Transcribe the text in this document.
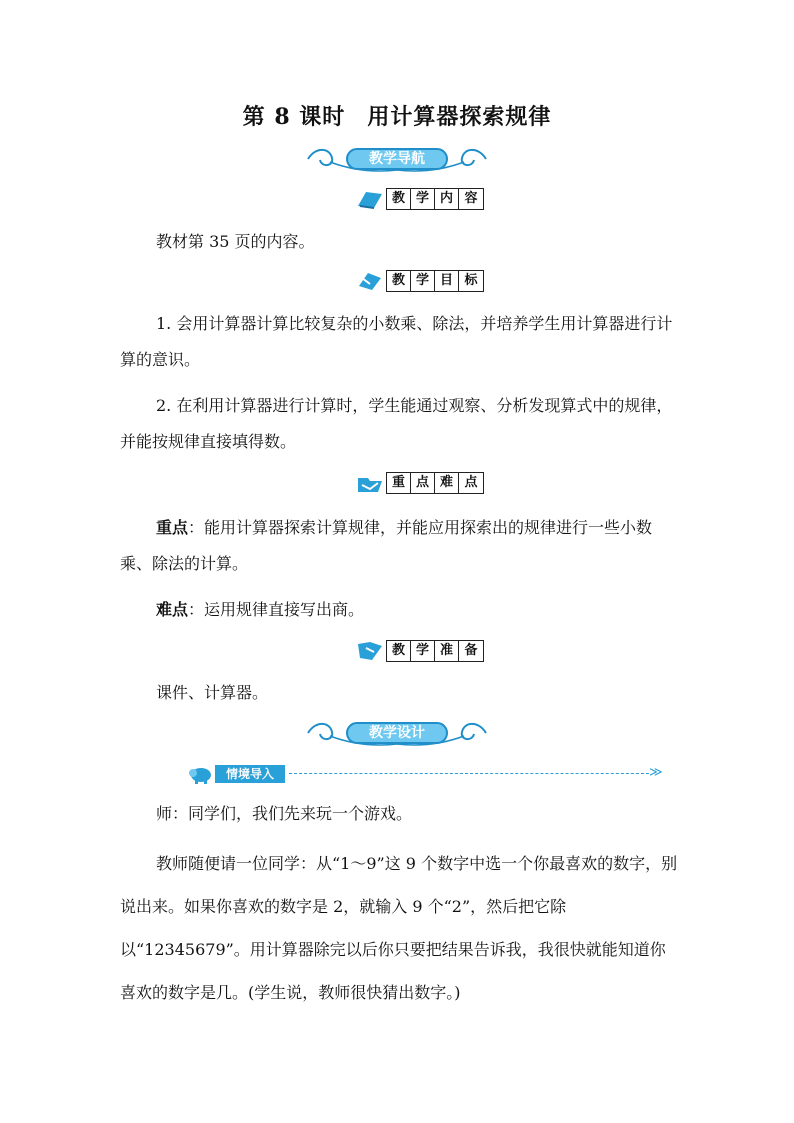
第 8 课时 用计算器探索规律
教学导航
教 学 内 容
教材第 35 页的内容。
教 学 目 标
1. 会用计算器计算比较复杂的小数乘、除法，并培养学生用计算器进行计算的意识。
2. 在利用计算器进行计算时，学生能通过观察、分析发现算式中的规律，并能按规律直接填得数。
重 点 难 点
重点：能用计算器探索计算规律，并能应用探索出的规律进行一些小数乘、除法的计算。
难点：运用规律直接写出商。
教 学 准 备
课件、计算器。
教学设计
情境导入	≫
师：同学们，我们先来玩一个游戏。
教师随便请一位同学：从“1～9”这 9 个数字中选一个你最喜欢的数字，别说出来。如果你喜欢的数字是 2，就输入 9 个“2”，然后把它除以“12345679”。用计算器除完以后你只要把结果告诉我，我很快就能知道你喜欢的数字是几。(学生说，教师很快猜出数字。)
